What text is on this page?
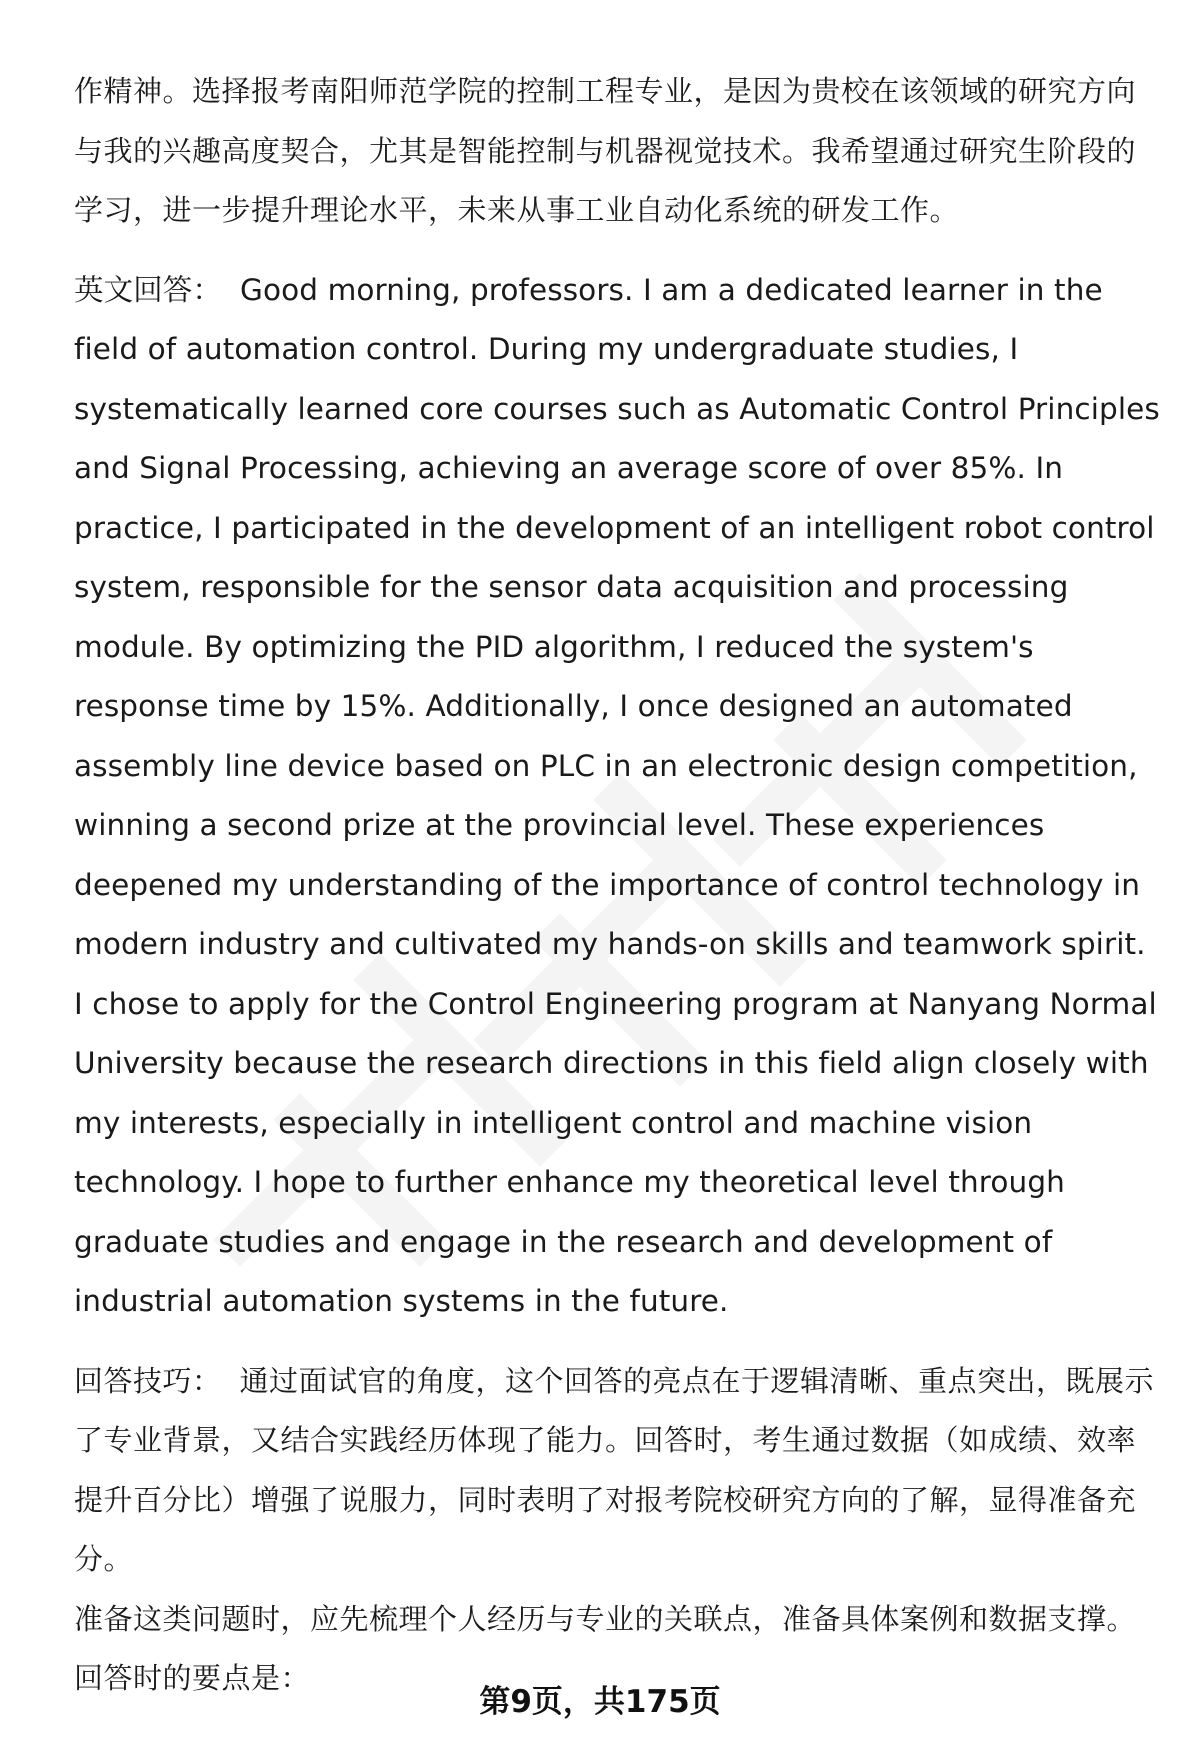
作精神。选择报考南阳师范学院的控制工程专业，是因为贵校在该领域的研究方向与我的兴趣高度契合，尤其是智能控制与机器视觉技术。我希望通过研究生阶段的学习，进一步提升理论水平，未来从事工业自动化系统的研发工作。

英文回答： Good morning, professors. I am a dedicated learner in the field of automation control. During my undergraduate studies, I systematically learned core courses such as Automatic Control Principles and Signal Processing, achieving an average score of over 85%. In practice, I participated in the development of an intelligent robot control system, responsible for the sensor data acquisition and processing module. By optimizing the PID algorithm, I reduced the system's response time by 15%. Additionally, I once designed an automated assembly line device based on PLC in an electronic design competition, winning a second prize at the provincial level. These experiences deepened my understanding of the importance of control technology in modern industry and cultivated my hands-on skills and teamwork spirit. I chose to apply for the Control Engineering program at Nanyang Normal University because the research directions in this field align closely with my interests, especially in intelligent control and machine vision technology. I hope to further enhance my theoretical level through graduate studies and engage in the research and development of industrial automation systems in the future.

回答技巧： 通过面试官的角度，这个回答的亮点在于逻辑清晰、重点突出，既展示了专业背景，又结合实践经历体现了能力。回答时，考生通过数据（如成绩、效率提升百分比）增强了说服力，同时表明了对报考院校研究方向的了解，显得准备充分。

准备这类问题时，应先梳理个人经历与专业的关联点，准备具体案例和数据支撑。

回答时的要点是：

第9页，共175页
